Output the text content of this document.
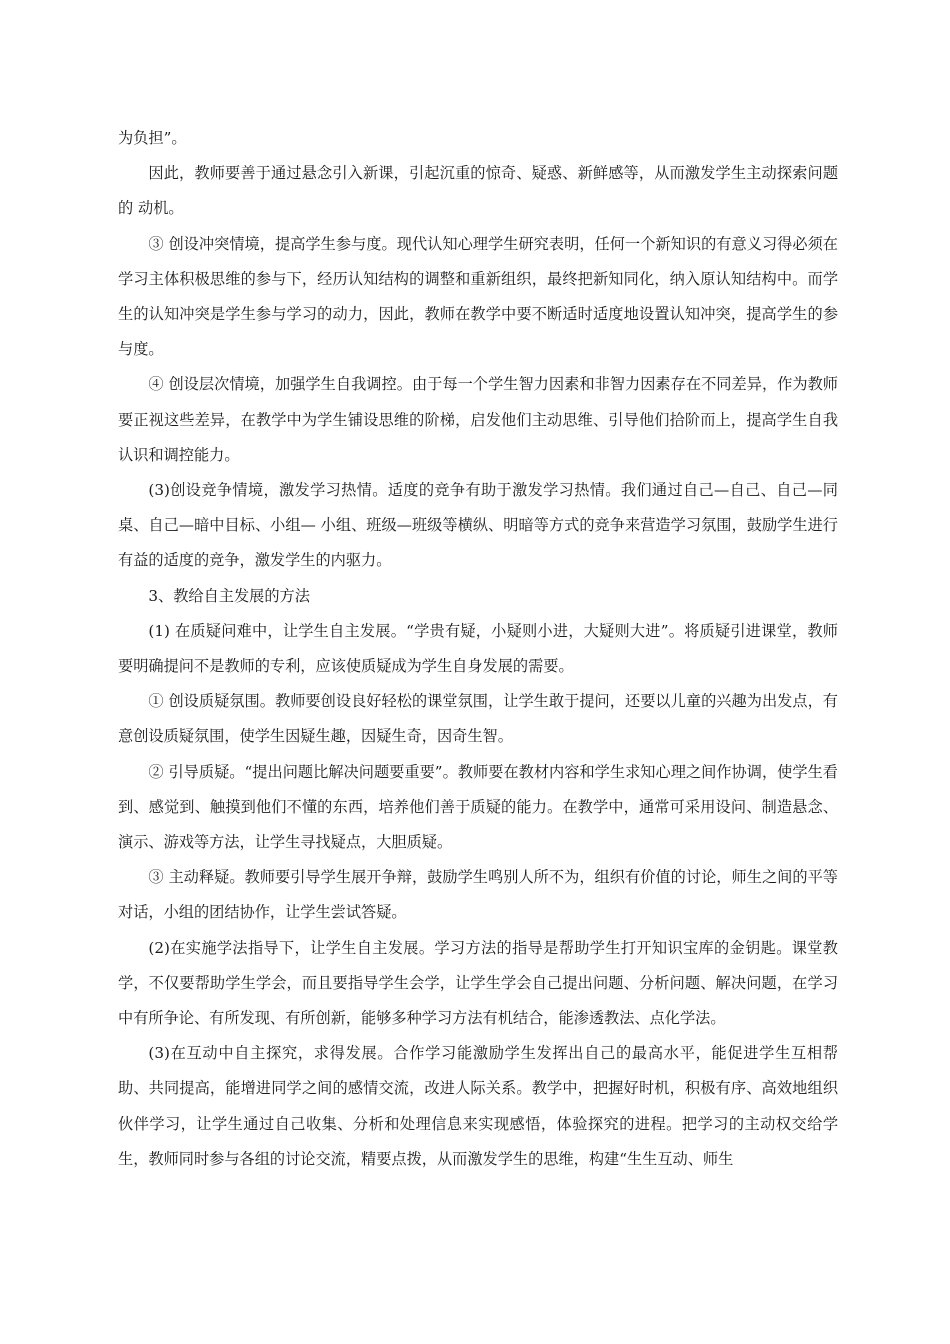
为负担”。

因此，教师要善于通过悬念引入新课，引起沉重的惊奇、疑惑、新鲜感等，从而激发学生主动探索问题的 动机。

③ 创设冲突情境，提高学生参与度。现代认知心理学生研究表明，任何一个新知识的有意义习得必须在学习主体积极思维的参与下，经历认知结构的调整和重新组织，最终把新知同化，纳入原认知结构中。而学生的认知冲突是学生参与学习的动力，因此，教师在教学中要不断适时适度地设置认知冲突，提高学生的参与度。

④ 创设层次情境，加强学生自我调控。由于每一个学生智力因素和非智力因素存在不同差异，作为教师要正视这些差异，在教学中为学生铺设思维的阶梯，启发他们主动思维、引导他们拾阶而上，提高学生自我认识和调控能力。

(3)创设竞争情境，激发学习热情。适度的竞争有助于激发学习热情。我们通过自己—自己、自己—同桌、自己—暗中目标、小组— 小组、班级—班级等横纵、明暗等方式的竞争来营造学习氛围，鼓励学生进行有益的适度的竞争，激发学生的内驱力。

3、教给自主发展的方法

(1) 在质疑问难中，让学生自主发展。“学贵有疑，小疑则小进，大疑则大进”。将质疑引进课堂，教师要明确提问不是教师的专利，应该使质疑成为学生自身发展的需要。

① 创设质疑氛围。教师要创设良好轻松的课堂氛围，让学生敢于提问，还要以儿童的兴趣为出发点，有意创设质疑氛围，使学生因疑生趣，因疑生奇，因奇生智。

② 引导质疑。“提出问题比解决问题要重要”。教师要在教材内容和学生求知心理之间作协调，使学生看到、感觉到、触摸到他们不懂的东西，培养他们善于质疑的能力。在教学中，通常可采用设问、制造悬念、演示、游戏等方法，让学生寻找疑点，大胆质疑。

③ 主动释疑。教师要引导学生展开争辩，鼓励学生鸣别人所不为，组织有价值的讨论，师生之间的平等对话，小组的团结协作，让学生尝试答疑。

(2)在实施学法指导下，让学生自主发展。学习方法的指导是帮助学生打开知识宝库的金钥匙。课堂教学，不仅要帮助学生学会，而且要指导学生会学，让学生学会自己提出问题、分析问题、解决问题，在学习中有所争论、有所发现、有所创新，能够多种学习方法有机结合，能渗透教法、点化学法。

(3)在互动中自主探究，求得发展。合作学习能激励学生发挥出自己的最高水平，能促进学生互相帮助、共同提高，能增进同学之间的感情交流，改进人际关系。教学中，把握好时机，积极有序、高效地组织伙伴学习，让学生通过自己收集、分析和处理信息来实现感悟，体验探究的进程。把学习的主动权交给学生，教师同时参与各组的讨论交流，精要点拨，从而激发学生的思维，构建“生生互动、师生
